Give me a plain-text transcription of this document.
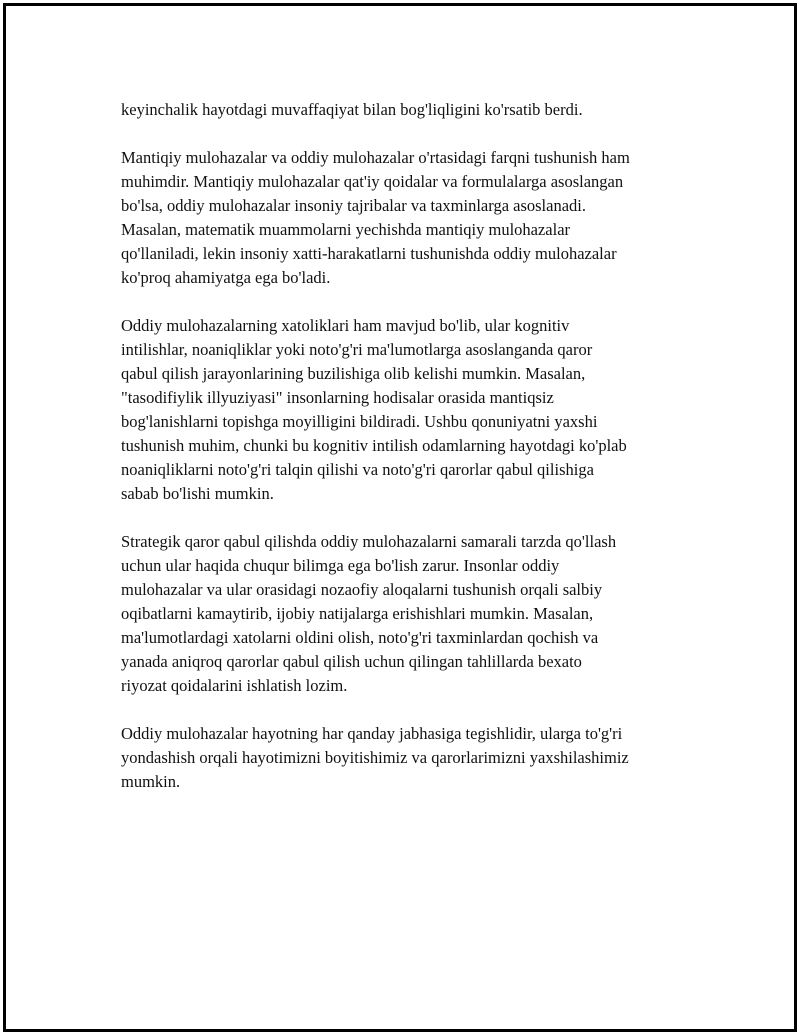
keyinchalik hayotdagi muvaffaqiyat bilan bog'liqligini ko'rsatib berdi.

Mantiqiy mulohazalar va oddiy mulohazalar o'rtasidagi farqni tushunish ham
muhimdir. Mantiqiy mulohazalar qat'iy qoidalar va formulalarga asoslangan
bo'lsa, oddiy mulohazalar insoniy tajribalar va taxminlarga asoslanadi.
Masalan, matematik muammolarni yechishda mantiqiy mulohazalar
qo'llaniladi, lekin insoniy xatti-harakatlarni tushunishda oddiy mulohazalar
ko'proq ahamiyatga ega bo'ladi.

Oddiy mulohazalarning xatoliklari ham mavjud bo'lib, ular kognitiv
intilishlar, noaniqliklar yoki noto'g'ri ma'lumotlarga asoslanganda qaror
qabul qilish jarayonlarining buzilishiga olib kelishi mumkin. Masalan,
"tasodifiylik illyuziyasi" insonlarning hodisalar orasida mantiqsiz
bog'lanishlarni topishga moyilligini bildiradi. Ushbu qonuniyatni yaxshi
tushunish muhim, chunki bu kognitiv intilish odamlarning hayotdagi ko'plab
noaniqliklarni noto'g'ri talqin qilishi va noto'g'ri qarorlar qabul qilishiga
sabab bo'lishi mumkin.

Strategik qaror qabul qilishda oddiy mulohazalarni samarali tarzda qo'llash
uchun ular haqida chuqur bilimga ega bo'lish zarur. Insonlar oddiy
mulohazalar va ular orasidagi nozaofiy aloqalarni tushunish orqali salbiy
oqibatlarni kamaytirib, ijobiy natijalarga erishishlari mumkin. Masalan,
ma'lumotlardagi xatolarni oldini olish, noto'g'ri taxminlardan qochish va
yanada aniqroq qarorlar qabul qilish uchun qilingan tahlillarda bexato
riyozat qoidalarini ishlatish lozim.

Oddiy mulohazalar hayotning har qanday jabhasiga tegishlidir, ularga to'g'ri
yondashish orqali hayotimizni boyitishimiz va qarorlarimizni yaxshilashimiz
mumkin.
